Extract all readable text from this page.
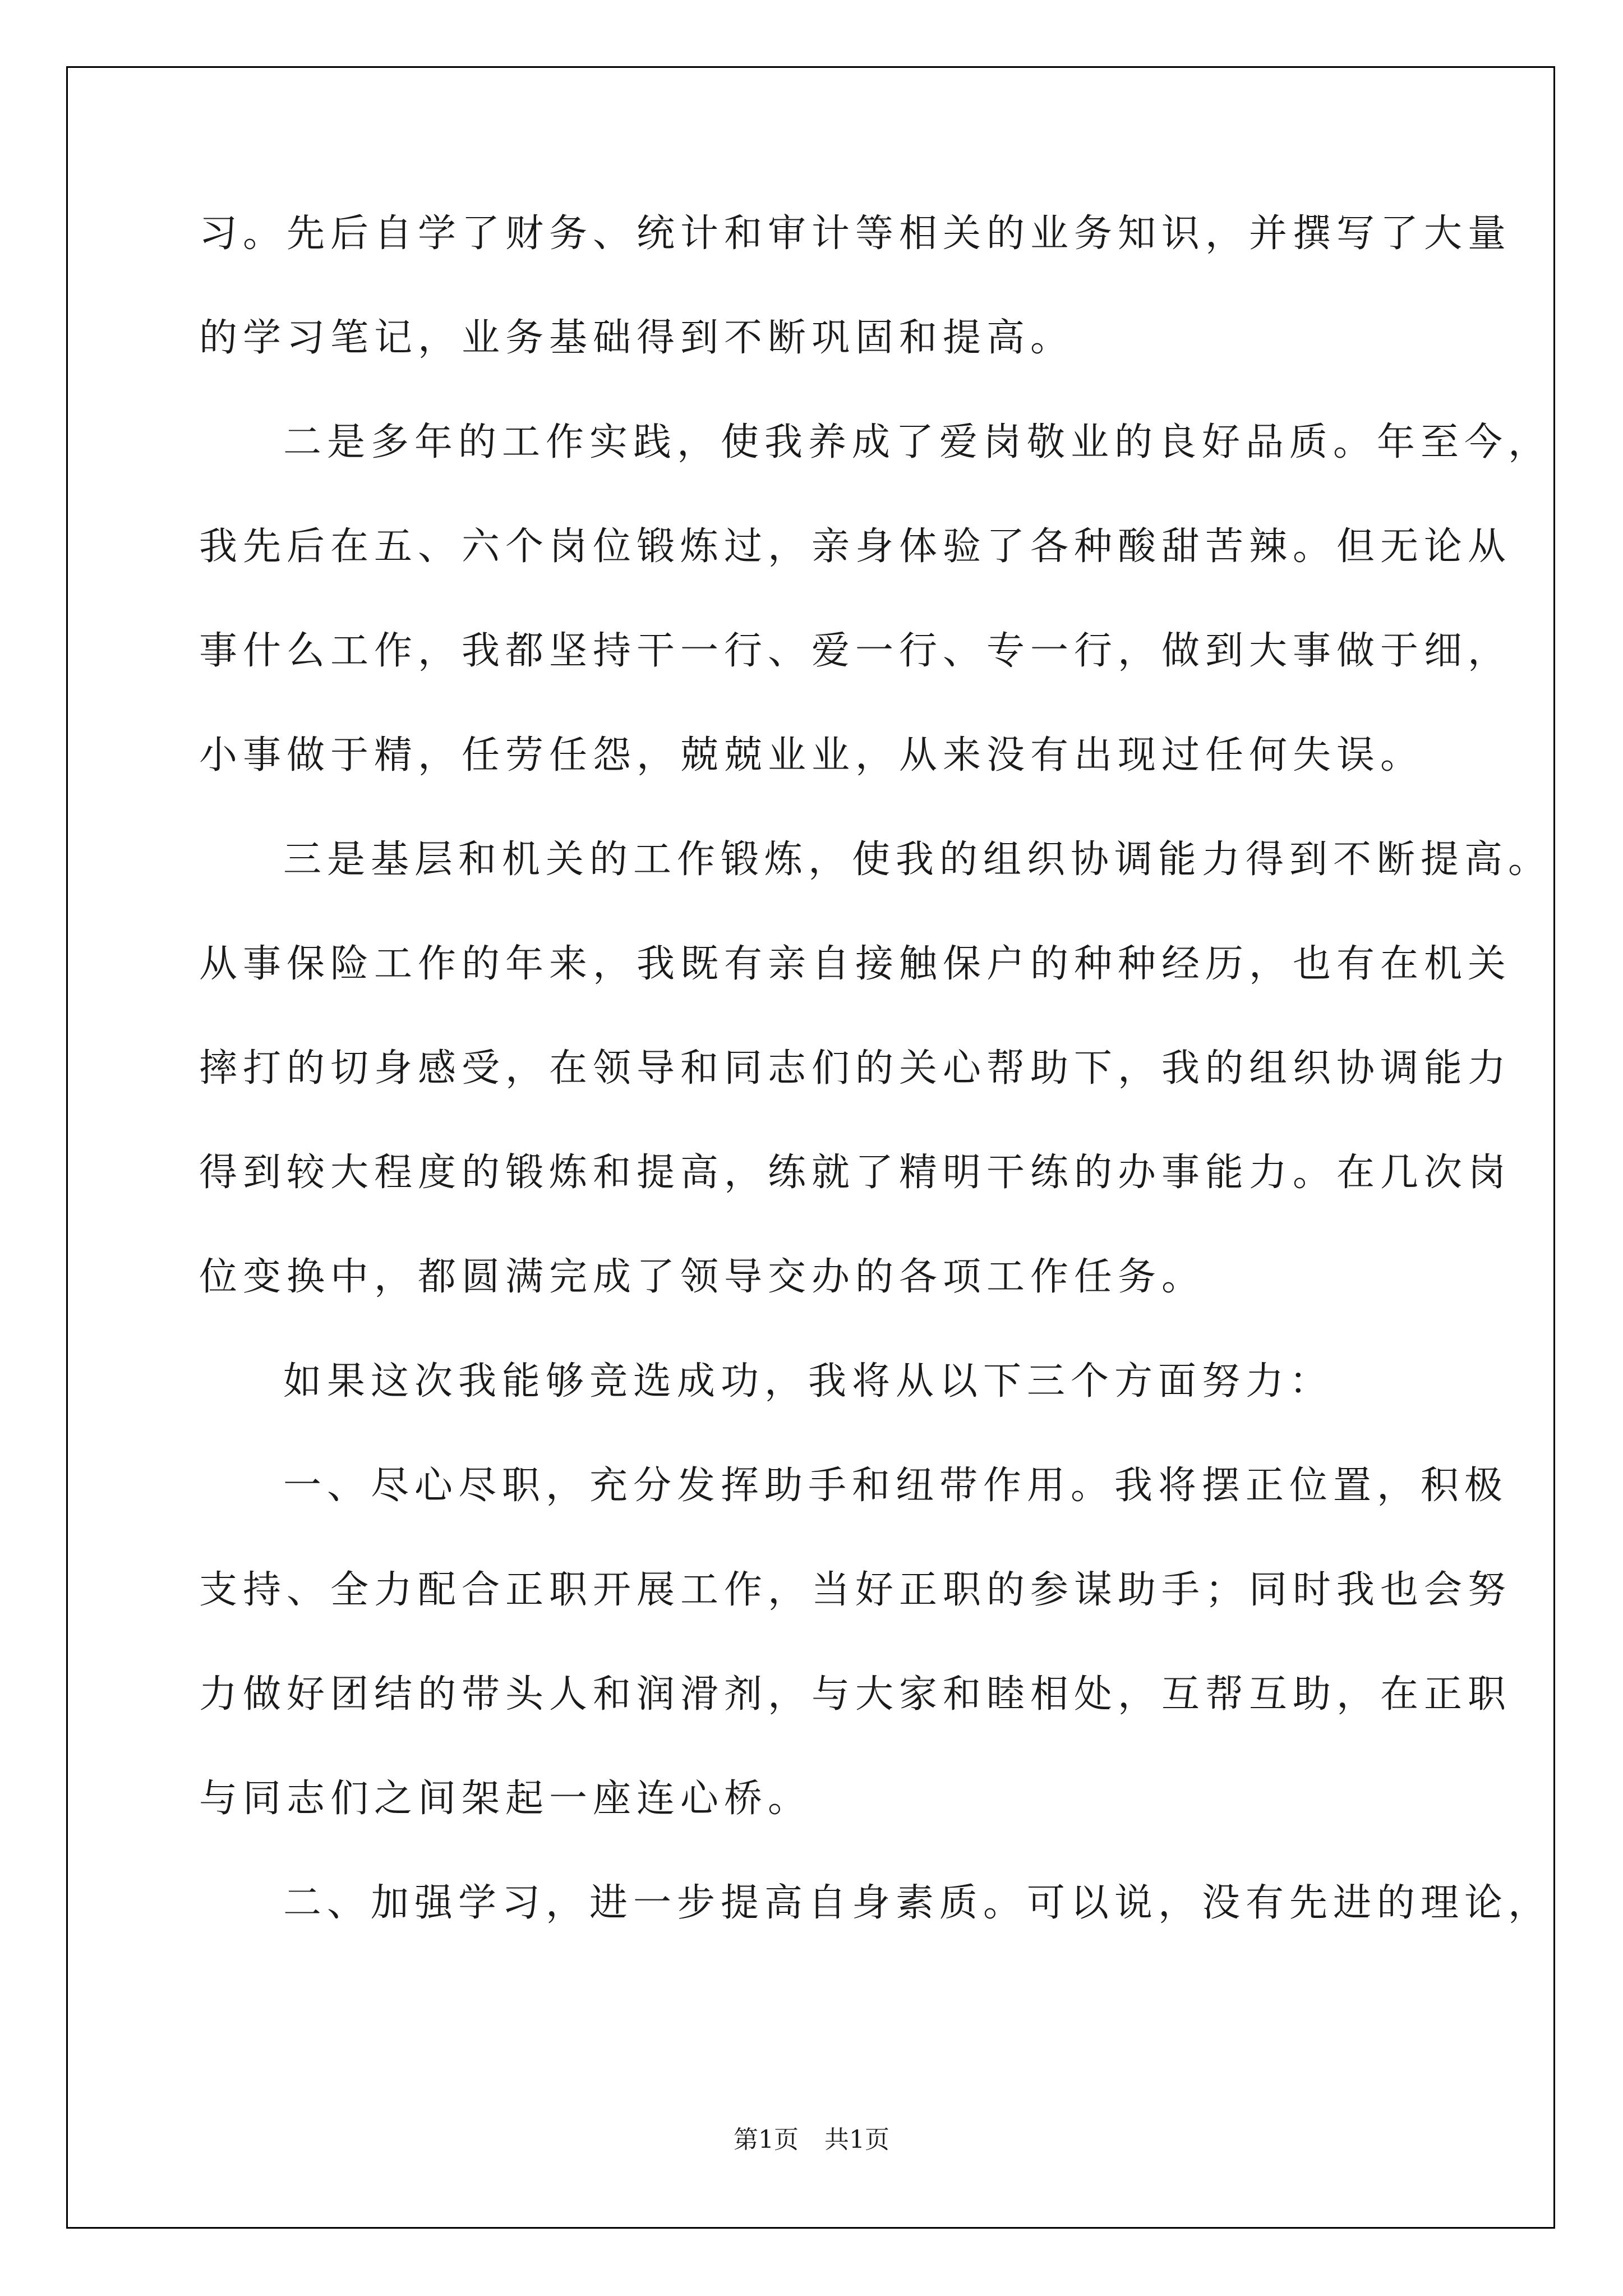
习。先后自学了财务、统计和审计等相关的业务知识，并撰写了大量
的学习笔记，业务基础得到不断巩固和提高。
二是多年的工作实践，使我养成了爱岗敬业的良好品质。年至今，
我先后在五、六个岗位锻炼过，亲身体验了各种酸甜苦辣。但无论从
事什么工作，我都坚持干一行、爱一行、专一行，做到大事做于细，
小事做于精，任劳任怨，兢兢业业，从来没有出现过任何失误。
三是基层和机关的工作锻炼，使我的组织协调能力得到不断提高。
从事保险工作的年来，我既有亲自接触保户的种种经历，也有在机关
摔打的切身感受，在领导和同志们的关心帮助下，我的组织协调能力
得到较大程度的锻炼和提高，练就了精明干练的办事能力。在几次岗
位变换中，都圆满完成了领导交办的各项工作任务。
如果这次我能够竞选成功，我将从以下三个方面努力：
一、尽心尽职，充分发挥助手和纽带作用。我将摆正位置，积极
支持、全力配合正职开展工作，当好正职的参谋助手；同时我也会努
力做好团结的带头人和润滑剂，与大家和睦相处，互帮互助，在正职
与同志们之间架起一座连心桥。
二、加强学习，进一步提高自身素质。可以说，没有先进的理论，
第1页 共1页
